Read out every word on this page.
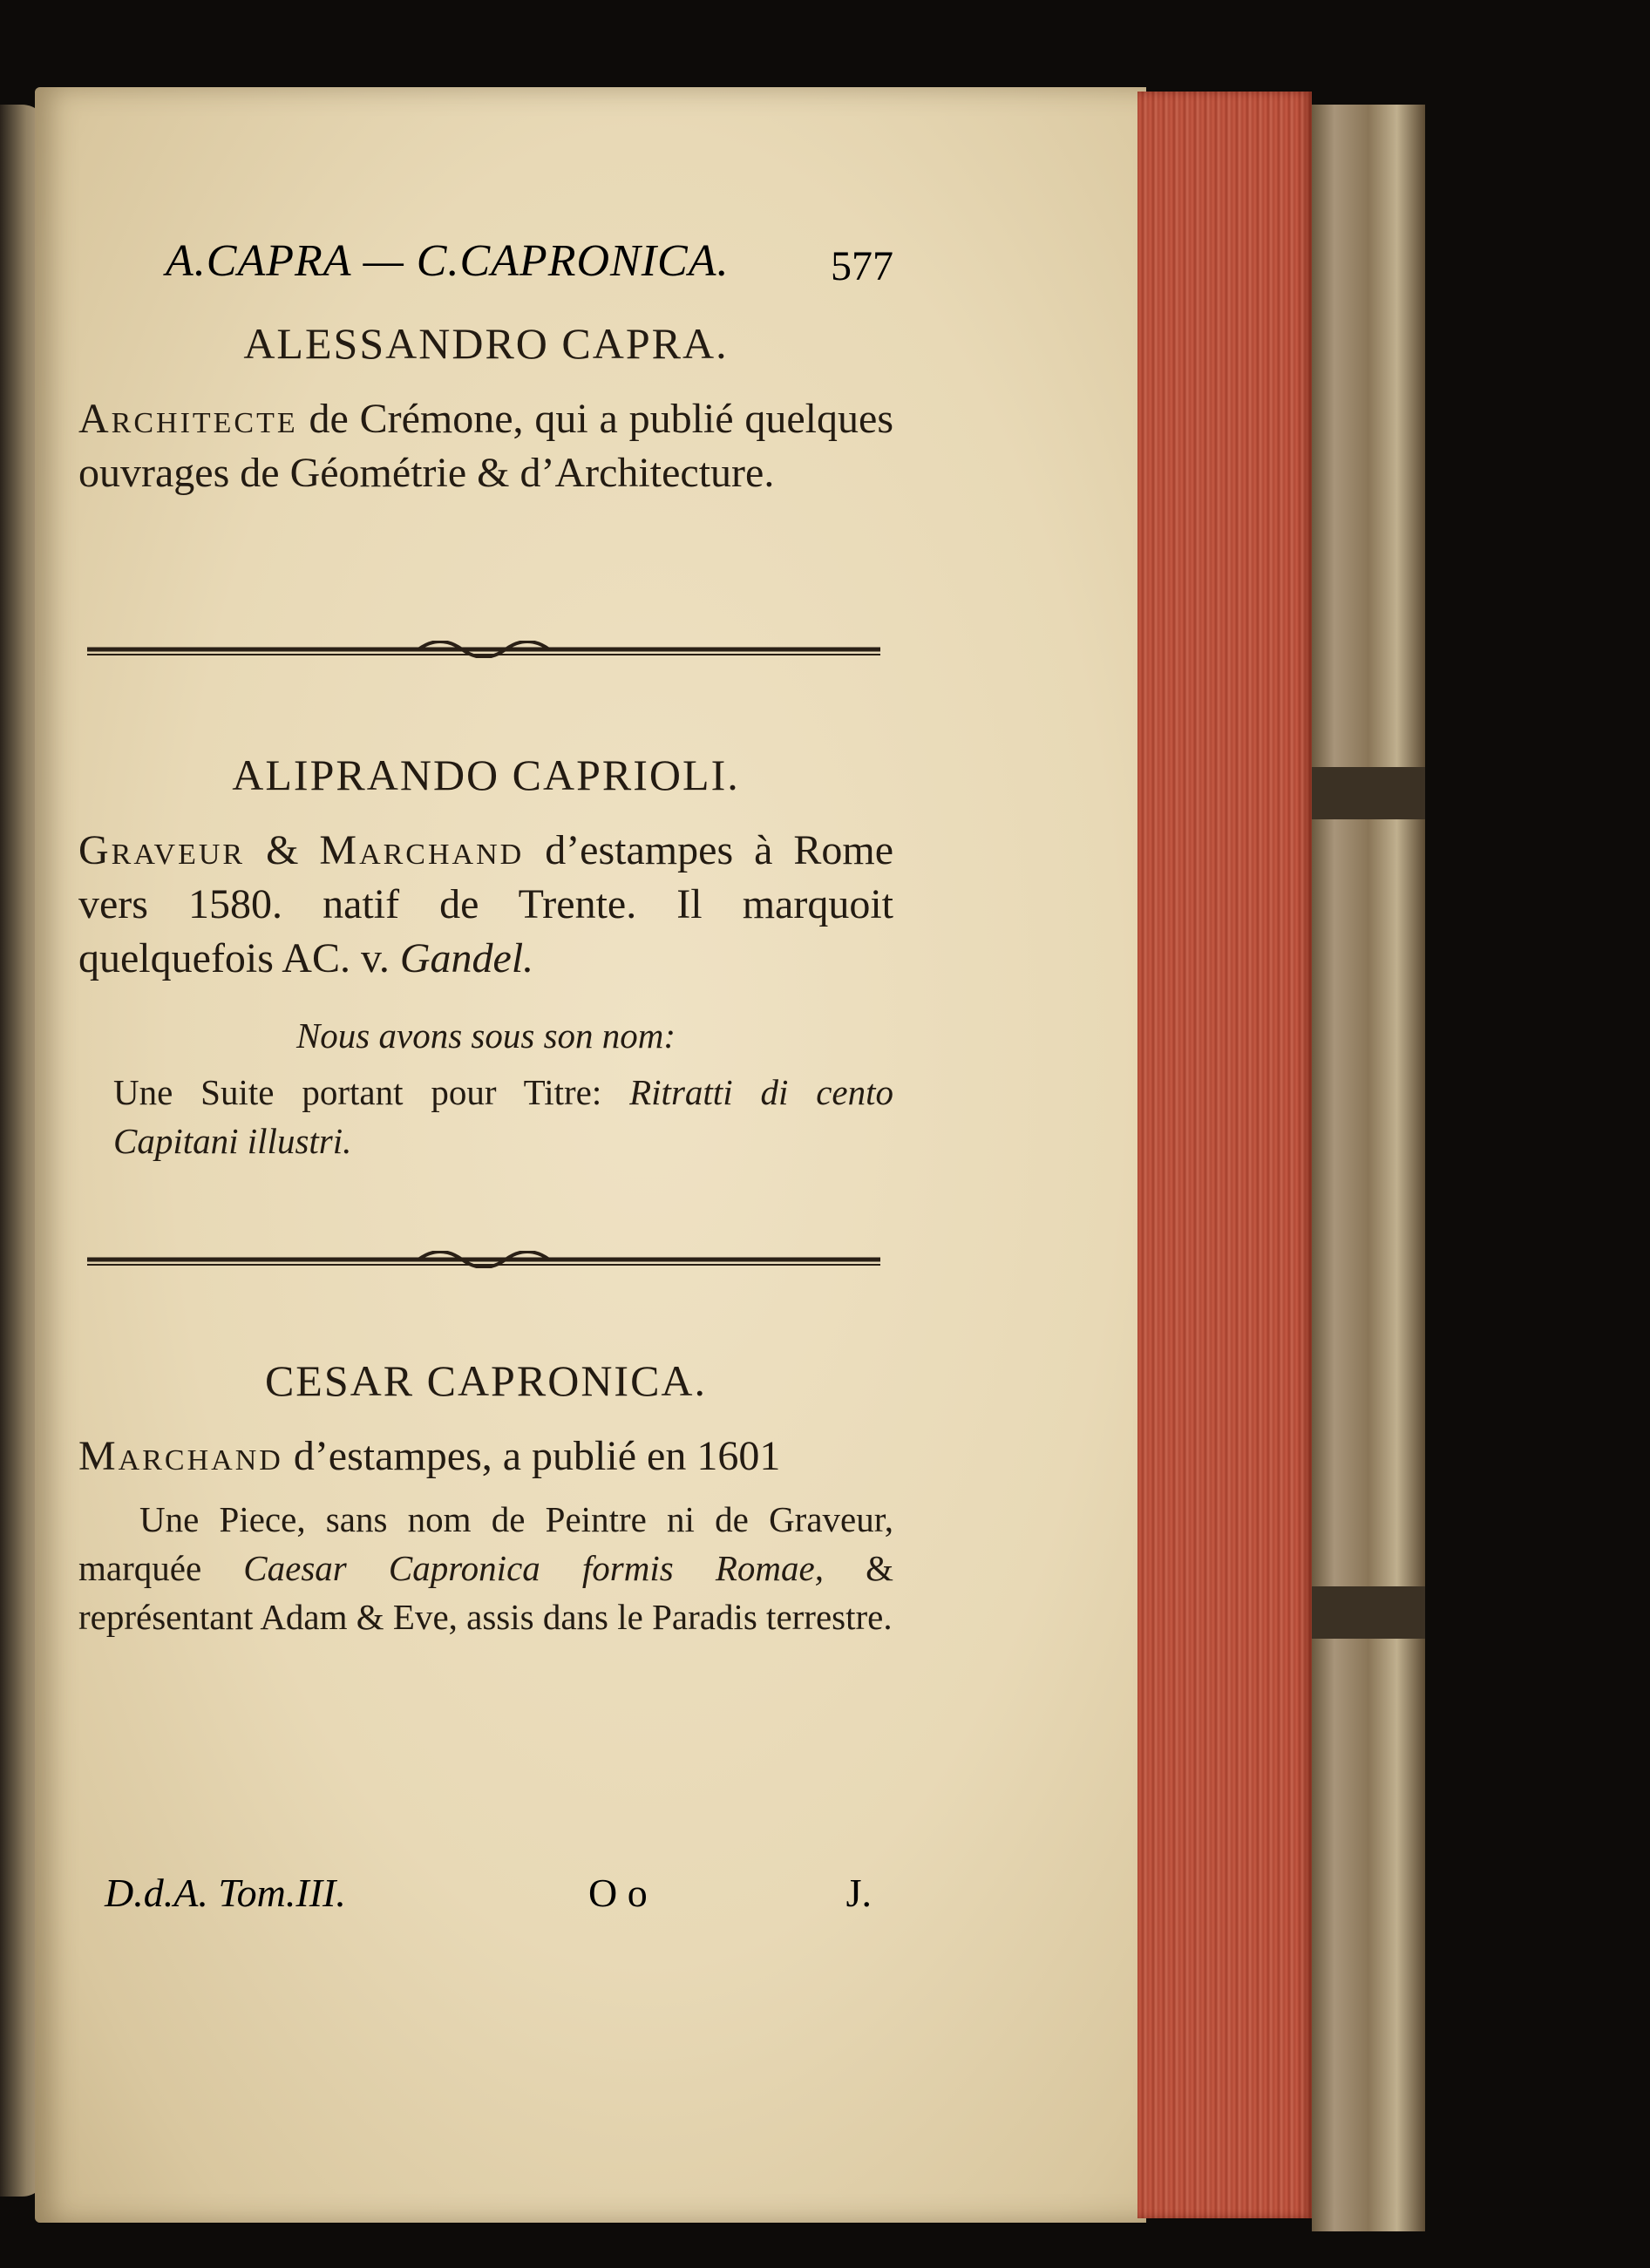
A.CAPRA — C.CAPRONICA. 577
ALESSANDRO CAPRA.
Architecte de Crémone, qui a publié quelques ouvrages de Géométrie & d’Architecture.
ALIPRANDO CAPRIOLI.
Graveur & Marchand d’estampes à Rome vers 1580. natif de Trente. Il marquoit quelquefois AC. v. Gandel.
Nous avons sous son nom:
Une Suite portant pour Titre: Ritratti di cento Capitani illustri.
CESAR CAPRONICA.
Marchand d’estampes, a publié en 1601
Une Piece, sans nom de Peintre ni de Graveur, marquée Caesar Capronica formis Romae, & représentant Adam & Eve, assis dans le Paradis terrestre.
D.d.A. Tom.III.	O o	J.
